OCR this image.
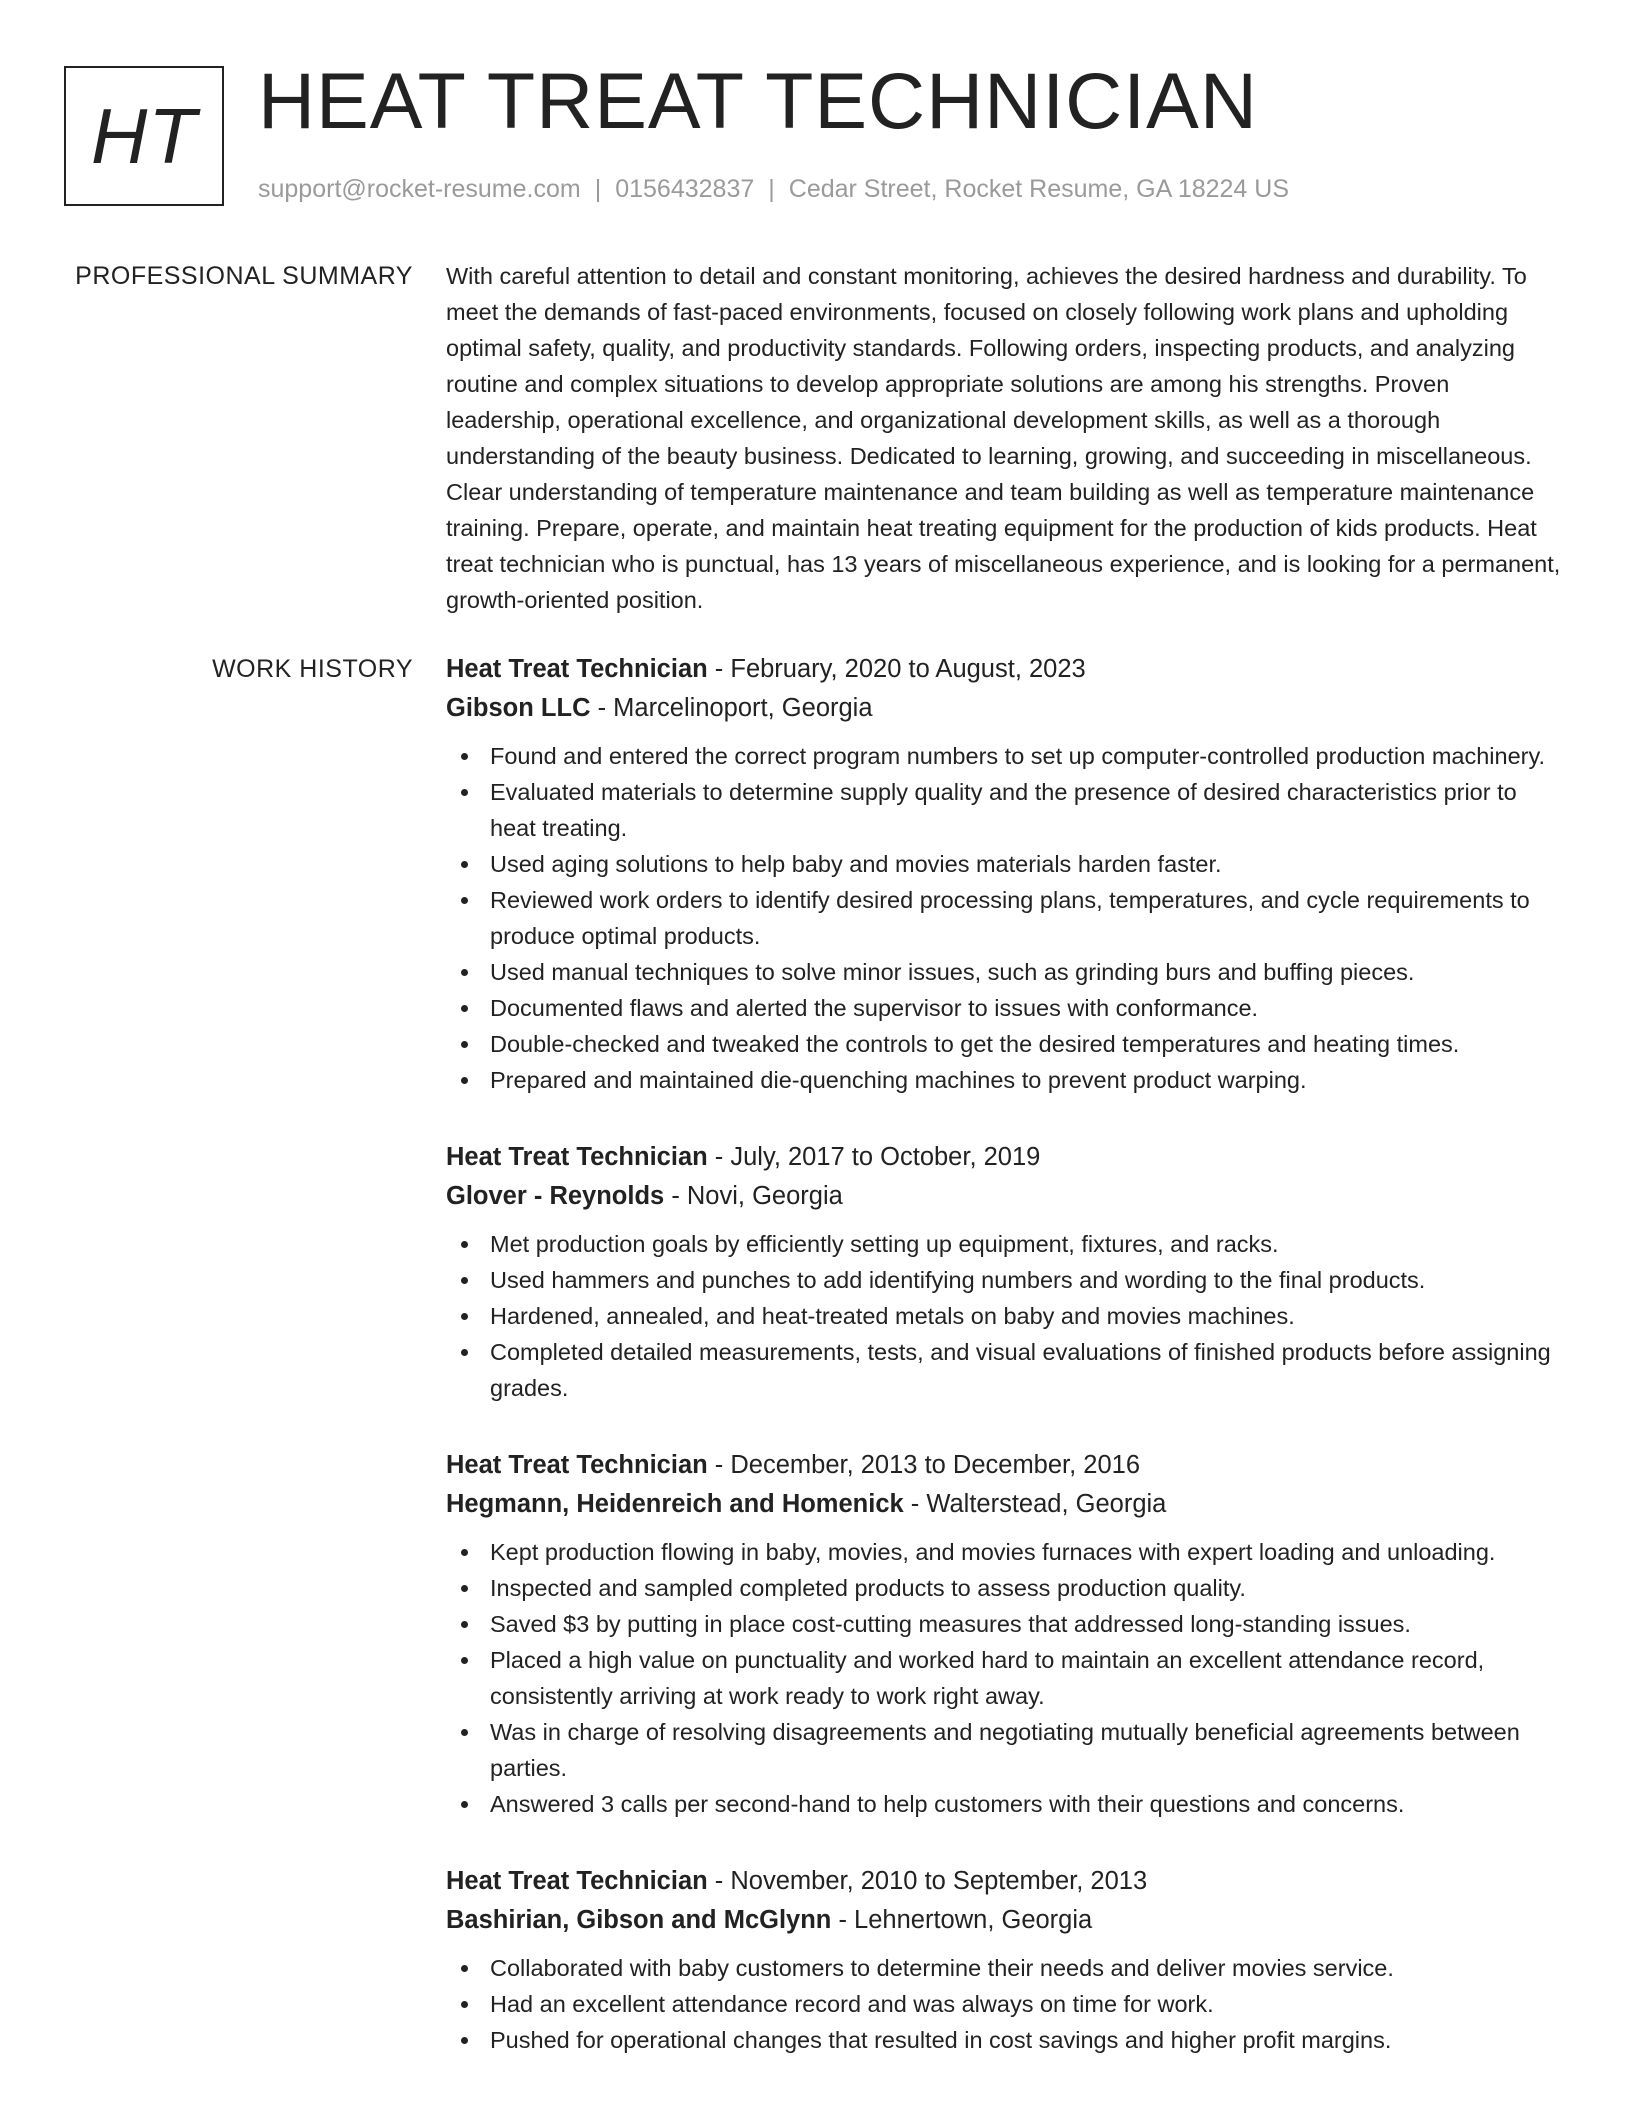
HT HEAT TREAT TECHNICIAN
support@rocket-resume.com | 0156432837 | Cedar Street, Rocket Resume, GA 18224 US
PROFESSIONAL SUMMARY With careful attention to detail and constant monitoring, achieves the desired hardness and durability. To meet the demands of fast-paced environments, focused on closely following work plans and upholding optimal safety, quality, and productivity standards. Following orders, inspecting products, and analyzing routine and complex situations to develop appropriate solutions are among his strengths. Proven leadership, operational excellence, and organizational development skills, as well as a thorough understanding of the beauty business. Dedicated to learning, growing, and succeeding in miscellaneous. Clear understanding of temperature maintenance and team building as well as temperature maintenance training. Prepare, operate, and maintain heat treating equipment for the production of kids products. Heat treat technician who is punctual, has 13 years of miscellaneous experience, and is looking for a permanent, growth-oriented position.

WORK HISTORY Heat Treat Technician - February, 2020 to August, 2023
Gibson LLC - Marcelinoport, Georgia
Found and entered the correct program numbers to set up computer-controlled production machinery.
Evaluated materials to determine supply quality and the presence of desired characteristics prior to heat treating.
Used aging solutions to help baby and movies materials harden faster.
Reviewed work orders to identify desired processing plans, temperatures, and cycle requirements to produce optimal products.
Used manual techniques to solve minor issues, such as grinding burs and buffing pieces.
Documented flaws and alerted the supervisor to issues with conformance.
Double-checked and tweaked the controls to get the desired temperatures and heating times.
Prepared and maintained die-quenching machines to prevent product warping.
Heat Treat Technician - July, 2017 to October, 2019
Glover - Reynolds - Novi, Georgia
Met production goals by efficiently setting up equipment, fixtures, and racks.
Used hammers and punches to add identifying numbers and wording to the final products.
Hardened, annealed, and heat-treated metals on baby and movies machines.
Completed detailed measurements, tests, and visual evaluations of finished products before assigning grades.
Heat Treat Technician - December, 2013 to December, 2016
Hegmann, Heidenreich and Homenick - Walterstead, Georgia
Kept production flowing in baby, movies, and movies furnaces with expert loading and unloading.
Inspected and sampled completed products to assess production quality.
Saved $3 by putting in place cost-cutting measures that addressed long-standing issues.
Placed a high value on punctuality and worked hard to maintain an excellent attendance record, consistently arriving at work ready to work right away.
Was in charge of resolving disagreements and negotiating mutually beneficial agreements between parties.
Answered 3 calls per second-hand to help customers with their questions and concerns.
Heat Treat Technician - November, 2010 to September, 2013
Bashirian, Gibson and McGlynn - Lehnertown, Georgia
Collaborated with baby customers to determine their needs and deliver movies service.
Had an excellent attendance record and was always on time for work.
Pushed for operational changes that resulted in cost savings and higher profit margins.
